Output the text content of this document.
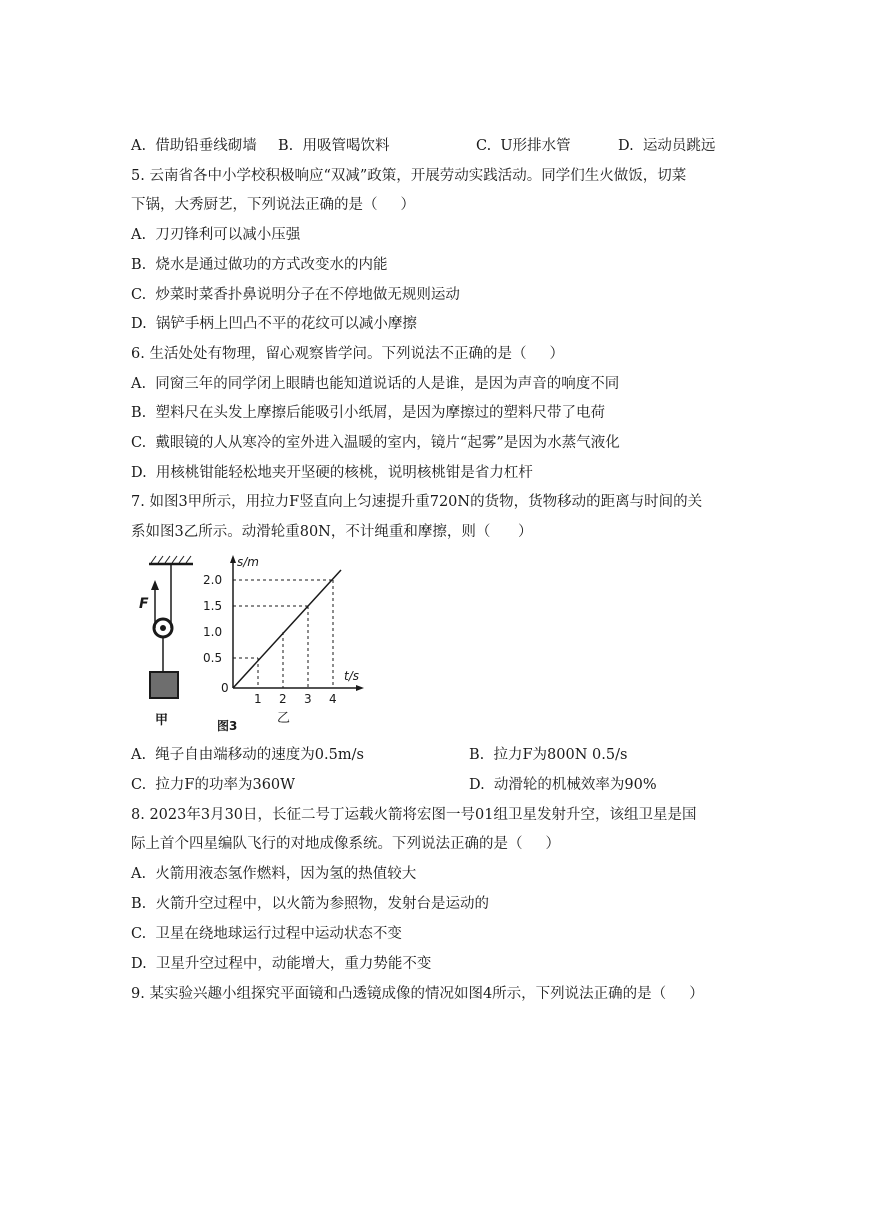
A.  借助铅垂线砌墙 B.  用吸管喝饮料	C.  U形排水管	D.  运动员跳远
5. 云南省各中小学校积极响应“双减”政策，开展劳动实践活动。同学们生火做饭，切菜
下锅，大秀厨艺，下列说法正确的是（     ）
A.  刀刃锋利可以减小压强
B.  烧水是通过做功的方式改变水的内能
C.  炒菜时菜香扑鼻说明分子在不停地做无规则运动
D.  锅铲手柄上凹凸不平的花纹可以减小摩擦
6. 生活处处有物理，留心观察皆学问。下列说法不正确的是（     ）
A.  同窗三年的同学闭上眼睛也能知道说话的人是谁，是因为声音的响度不同
B.  塑料尺在头发上摩擦后能吸引小纸屑，是因为摩擦过的塑料尺带了电荷
C.  戴眼镜的人从寒冷的室外进入温暖的室内，镜片“起雾”是因为水蒸气液化
D.  用核桃钳能轻松地夹开坚硬的核桃，说明核桃钳是省力杠杆
7. 如图3甲所示，用拉力F竖直向上匀速提升重720N的货物，货物移动的距离与时间的关
系如图3乙所示。动滑轮重80N，不计绳重和摩擦，则（      ）
F
甲
s/m
t/s
0
0.5
1.0
1.5
2.0
1 2 3 4
乙
图3
A.  绳子自由端移动的速度为0.5m/s	B.  拉力F为800N 0.5/s
C.  拉力F的功率为360W	D.  动滑轮的机械效率为90%
8. 2023年3月30日，长征二号丁运载火箭将宏图一号01组卫星发射升空，该组卫星是国
际上首个四星编队飞行的对地成像系统。下列说法正确的是（     ）
A.  火箭用液态氢作燃料，因为氢的热值较大
B.  火箭升空过程中，以火箭为参照物，发射台是运动的
C.  卫星在绕地球运行过程中运动状态不变
D.  卫星升空过程中，动能增大，重力势能不变
9. 某实验兴趣小组探究平面镜和凸透镜成像的情况如图4所示，下列说法正确的是（     ）
